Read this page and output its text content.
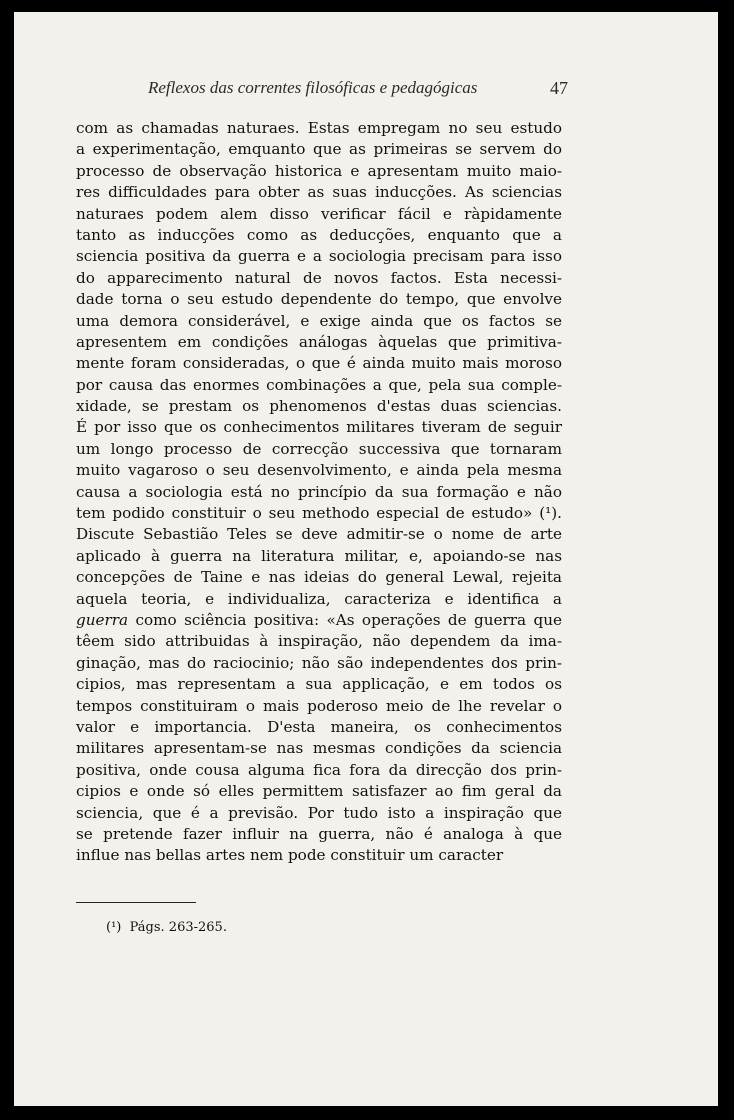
Reflexos das correntes filosóficas e pedagógicas	47
com as chamadas naturaes. Estas empregam no seu estudo
a experimentação, emquanto que as primeiras se servem do
processo de observação historica e apresentam muito maio-
res difficuldades para obter as suas inducções. As sciencias
naturaes podem alem disso verificar fácil e ràpidamente
tanto as inducções como as deducções, enquanto que a
sciencia positiva da guerra e a sociologia precisam para isso
do apparecimento natural de novos factos. Esta necessi-
dade torna o seu estudo dependente do tempo, que envolve
uma demora considerável, e exige ainda que os factos se
apresentem em condições análogas àquelas que primitiva-
mente foram consideradas, o que é ainda muito mais moroso
por causa das enormes combinações a que, pela sua comple-
xidade, se prestam os phenomenos d'estas duas sciencias.
É por isso que os conhecimentos militares tiveram de seguir
um longo processo de correcção successiva que tornaram
muito vagaroso o seu desenvolvimento, e ainda pela mesma
causa a sociologia está no princípio da sua formação e não
tem podido constituir o seu methodo especial de estudo» (¹).
Discute Sebastião Teles se deve admitir-se o nome de arte
aplicado à guerra na literatura militar, e, apoiando-se nas
concepções de Taine e nas ideias do general Lewal, rejeita
aquela teoria, e individualiza, caracteriza e identifica a
guerra como sciência positiva: «As operações de guerra que
têem sido attribuidas à inspiração, não dependem da ima-
ginação, mas do raciocinio; não são independentes dos prin-
cipios, mas representam a sua applicação, e em todos os
tempos constituiram o mais poderoso meio de lhe revelar o
valor e importancia. D'esta maneira, os conhecimentos
militares apresentam-se nas mesmas condições da sciencia
positiva, onde cousa alguma fica fora da direcção dos prin-
cipios e onde só elles permittem satisfazer ao fim geral da
sciencia, que é a previsão. Por tudo isto a inspiração que
se pretende fazer influir na guerra, não é analoga à que
influe nas bellas artes nem pode constituir um caracter
(¹) Págs. 263-265.
